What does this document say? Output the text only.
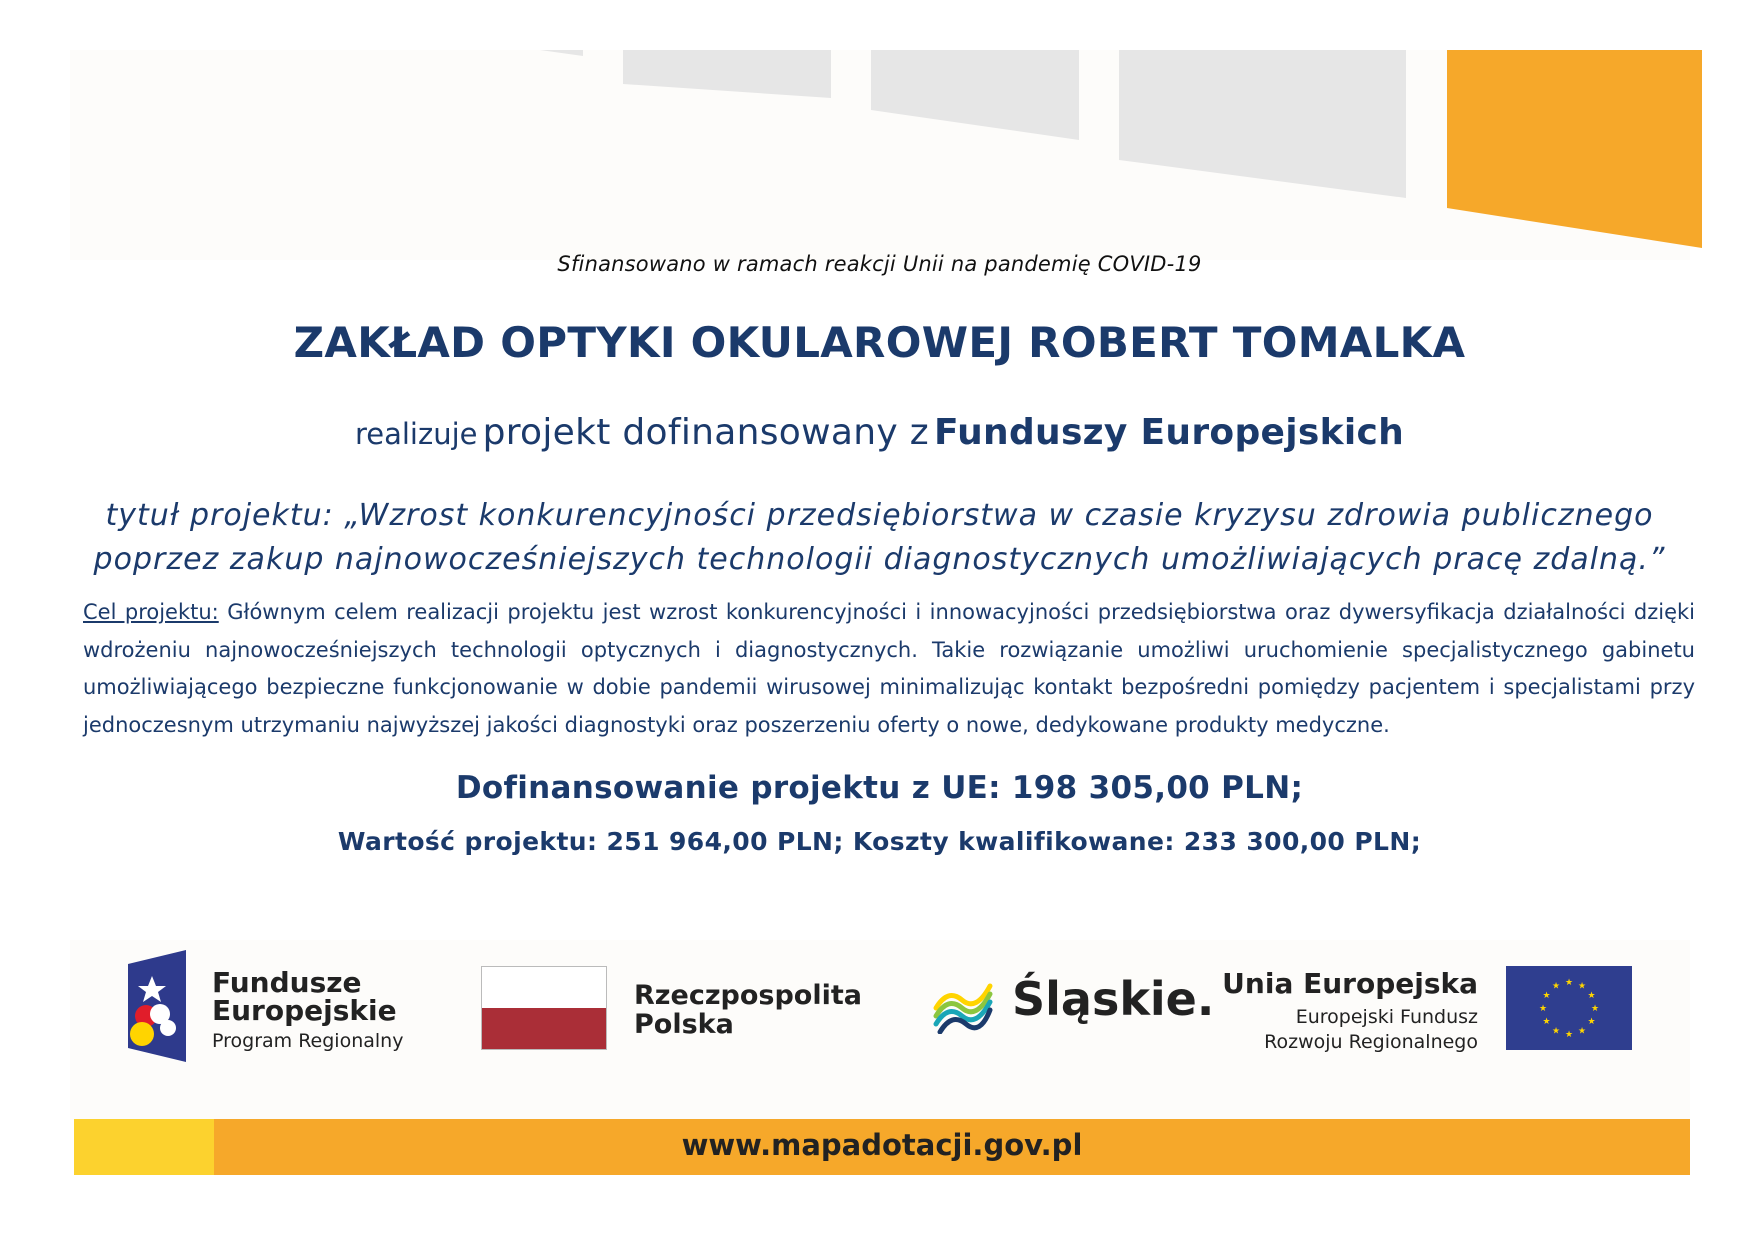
Sfinansowano w ramach reakcji Unii na pandemię COVID-19
ZAKŁAD OPTYKI OKULAROWEJ ROBERT TOMALKA
realizuje projekt dofinansowany z Funduszy Europejskich
tytuł projektu: „Wzrost konkurencyjności przedsiębiorstwa w czasie kryzysu zdrowia publicznego
poprzez zakup najnowocześniejszych technologii diagnostycznych umożliwiających pracę zdalną.”
Cel projektu: Głównym celem realizacji projektu jest wzrost konkurencyjności i innowacyjności przedsiębiorstwa oraz dywersyfikacja działalności dzięki wdrożeniu najnowocześniejszych technologii optycznych i diagnostycznych. Takie rozwiązanie umożliwi uruchomienie specjalistycznego gabinetu umożliwiającego bezpieczne funkcjonowanie w dobie pandemii wirusowej minimalizując kontakt bezpośredni pomiędzy pacjentem i specjalistami przy jednoczesnym utrzymaniu najwyższej jakości diagnostyki oraz poszerzeniu oferty o nowe, dedykowane produkty medyczne.
Dofinansowanie projektu z UE: 198 305,00 PLN;
Wartość projektu: 251 964,00 PLN; Koszty kwalifikowane: 233 300,00 PLN;
Fundusze
Europejskie
Program Regionalny
Rzeczpospolita
Polska	Śląskie. Unia Europejska
Europejski Fundusz
Rozwoju Regionalnego
★ ★
★
★
★
★
★
★
★
★
★
★
www.mapadotacji.gov.pl
